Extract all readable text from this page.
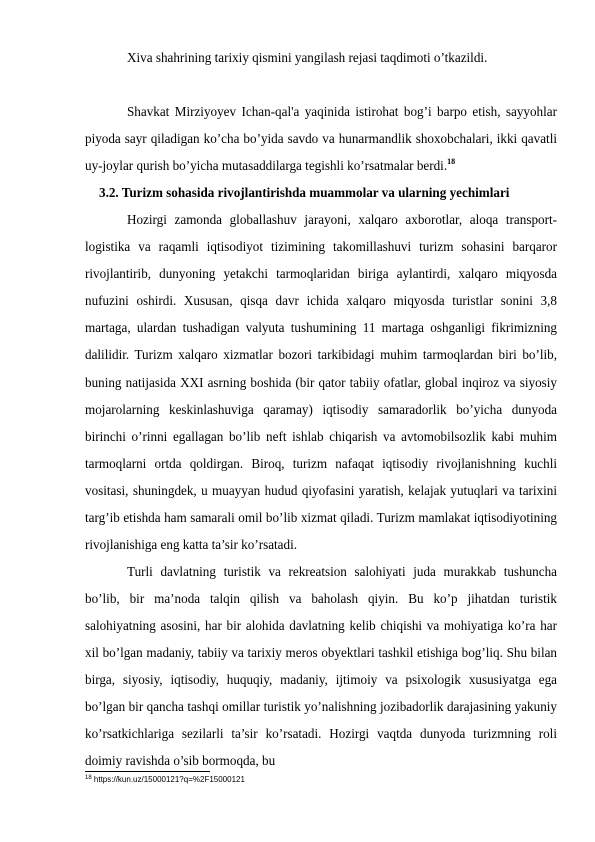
Xiva shahrining tarixiy qismini yangilash rejasi taqdimoti o’tkazildi.

Shavkat Mirziyoyev Ichan-qal'a yaqinida istirohat bog’i barpo etish, sayyohlar piyoda sayr qiladigan ko’cha bo’yida savdo va hunarmandlik shoxobchalari, ikki qavatli uy-joylar qurish bo’yicha mutasaddilarga tegishli ko’rsatmalar berdi.$^{18}$

3.2. Turizm sohasida rivojlantirishda muammolar va ularning yechimlari

Hozirgi zamonda globallashuv jarayoni, xalqaro axborotlar, aloqa transport-logistika va raqamli iqtisodiyot tizimining takomillashuvi turizm sohasini barqaror rivojlantirib, dunyoning yetakchi tarmoqlaridan biriga aylantirdi, xalqaro miqyosda nufuzini oshirdi. Xususan, qisqa davr ichida xalqaro miqyosda turistlar sonini 3,8 martaga, ulardan tushadigan valyuta tushumining 11 martaga oshganligi fikrimizning dalilidir. Turizm xalqaro xizmatlar bozori tarkibidagi muhim tarmoqlardan biri bo’lib, buning natijasida XXI asrning boshida (bir qator tabiiy ofatlar, global inqiroz va siyosiy mojarolarning keskinlashuviga qaramay) iqtisodiy samaradorlik bo’yicha dunyoda birinchi o’rinni egallagan bo’lib neft ishlab chiqarish va avtomobilsozlik kabi muhim tarmoqlarni ortda qoldirgan. Biroq, turizm nafaqat iqtisodiy rivojlanishning kuchli vositasi, shuningdek, u muayyan hudud qiyofasini yaratish, kelajak yutuqlari va tarixini targ’ib etishda ham samarali omil bo’lib xizmat qiladi. Turizm mamlakat iqtisodiyotining rivojlanishiga eng katta ta’sir ko’rsatadi.

Turli davlatning turistik va rekreatsion salohiyati juda murakkab tushuncha bo’lib, bir ma’noda talqin qilish va baholash qiyin. Bu ko’p jihatdan turistik salohiyatning asosini, har bir alohida davlatning kelib chiqishi va mohiyatiga ko’ra har xil bo’lgan madaniy, tabiiy va tarixiy meros obyektlari tashkil etishiga bog’liq. Shu bilan birga, siyosiy, iqtisodiy, huquqiy, madaniy, ijtimoiy va psixologik xususiyatga ega bo’lgan bir qancha tashqi omillar turistik yo’nalishning jozibadorlik darajasining yakuniy ko’rsatkichlariga sezilarli ta’sir ko’rsatadi. Hozirgi vaqtda dunyoda turizmning roli doimiy ravishda o’sib bormoqda, bu

$^{18}$ https://kun.uz/15000121?q=%2F15000121
